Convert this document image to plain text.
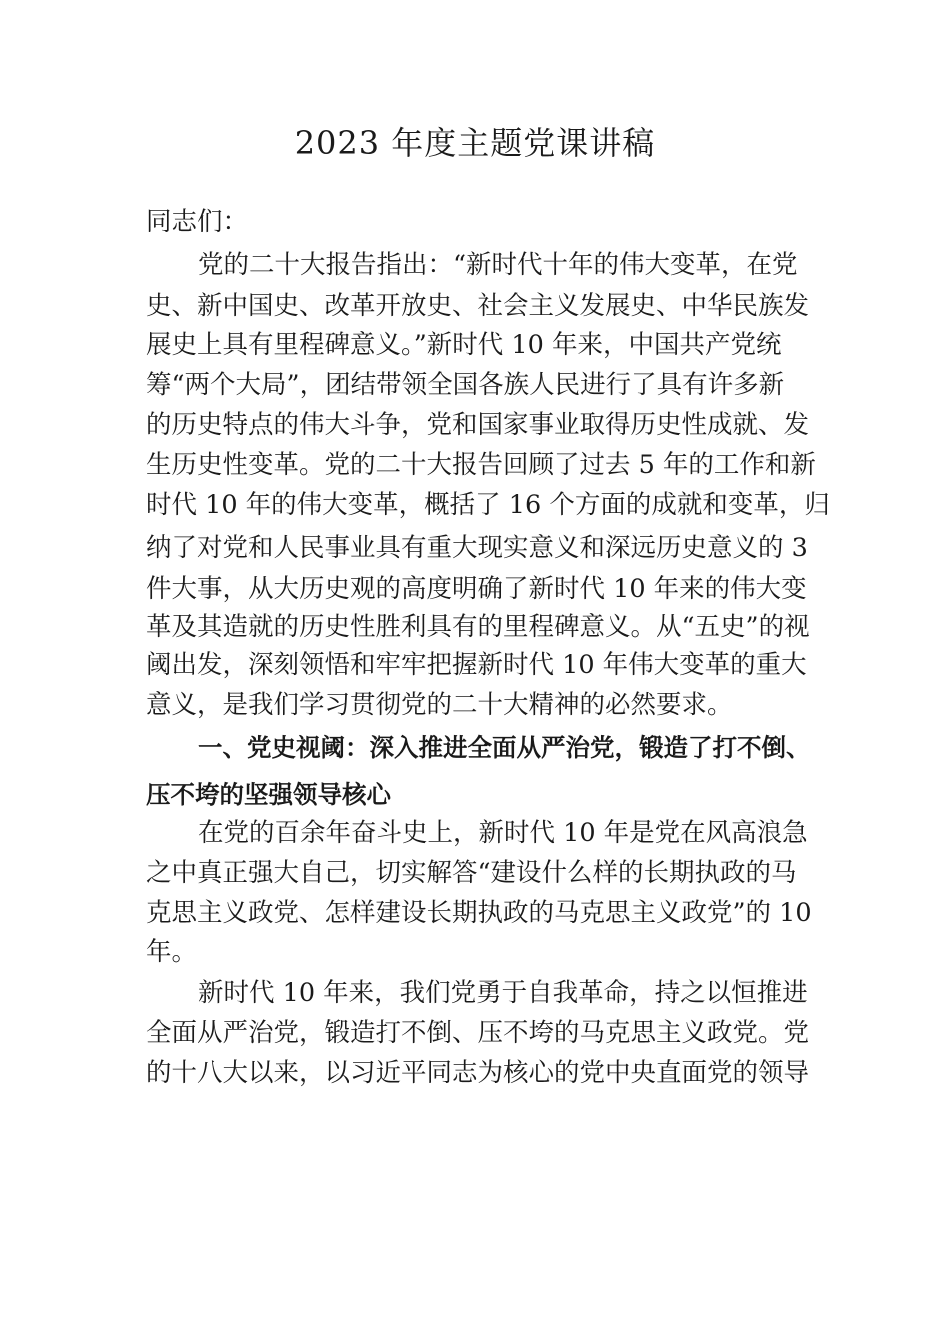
2023 年度主题党课讲稿
同志们：
党的二十大报告指出：“新时代十年的伟大变革，在党
史、新中国史、改革开放史、社会主义发展史、中华民族发
展史上具有里程碑意义。”新时代 10 年来，中国共产党统
筹“两个大局”，团结带领全国各族人民进行了具有许多新
的历史特点的伟大斗争，党和国家事业取得历史性成就、发
生历史性变革。党的二十大报告回顾了过去 5 年的工作和新
时代 10 年的伟大变革，概括了 16 个方面的成就和变革，归
纳了对党和人民事业具有重大现实意义和深远历史意义的 3
件大事，从大历史观的高度明确了新时代 10 年来的伟大变
革及其造就的历史性胜利具有的里程碑意义。从“五史”的视
阈出发，深刻领悟和牢牢把握新时代 10 年伟大变革的重大
意义，是我们学习贯彻党的二十大精神的必然要求。
一、党史视阈：深入推进全面从严治党，锻造了打不倒、
压不垮的坚强领导核心
在党的百余年奋斗史上，新时代 10 年是党在风高浪急
之中真正强大自己，切实解答“建设什么样的长期执政的马
克思主义政党、怎样建设长期执政的马克思主义政党”的 10
年。
新时代 10 年来，我们党勇于自我革命，持之以恒推进
全面从严治党，锻造打不倒、压不垮的马克思主义政党。党
的十八大以来，以习近平同志为核心的党中央直面党的领导
